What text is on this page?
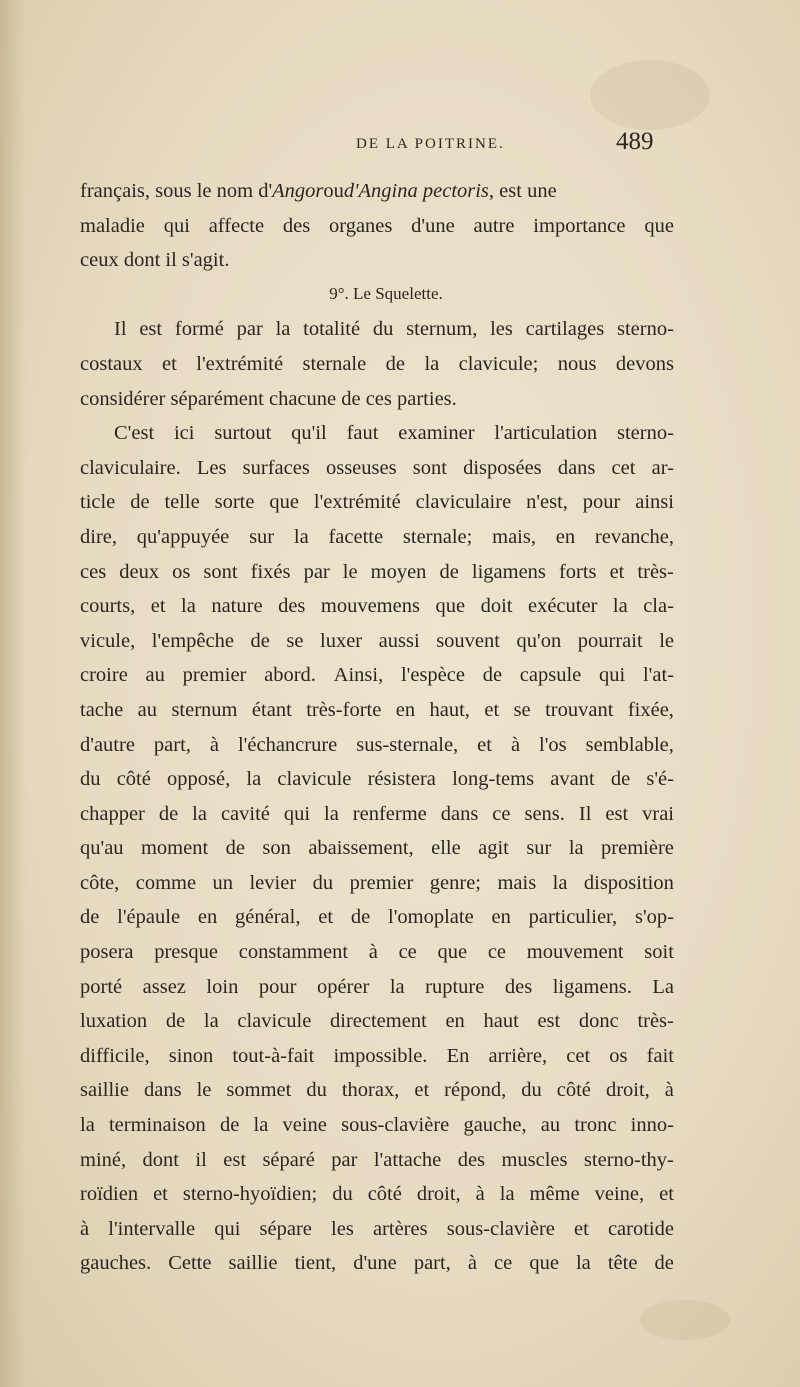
DE LA POITRINE.	489
français, sous le nom d'Angoroud'Angina pectoris, est une
maladie qui affecte des organes d'une autre importance que
ceux dont il s'agit.
9°. Le Squelette.
Il est formé par la totalité du sternum, les cartilages sterno-
costaux et l'extrémité sternale de la clavicule; nous devons
considérer séparément chacune de ces parties.
C'est ici surtout qu'il faut examiner l'articulation sterno-
claviculaire. Les surfaces osseuses sont disposées dans cet ar-
ticle de telle sorte que l'extrémité claviculaire n'est, pour ainsi
dire, qu'appuyée sur la facette sternale; mais, en revanche,
ces deux os sont fixés par le moyen de ligamens forts et très-
courts, et la nature des mouvemens que doit exécuter la cla-
vicule, l'empêche de se luxer aussi souvent qu'on pourrait le
croire au premier abord. Ainsi, l'espèce de capsule qui l'at-
tache au sternum étant très-forte en haut, et se trouvant fixée,
d'autre part, à l'échancrure sus-sternale, et à l'os semblable,
du côté opposé, la clavicule résistera long-tems avant de s'é-
chapper de la cavité qui la renferme dans ce sens. Il est vrai
qu'au moment de son abaissement, elle agit sur la première
côte, comme un levier du premier genre; mais la disposition
de l'épaule en général, et de l'omoplate en particulier, s'op-
posera presque constamment à ce que ce mouvement soit
porté assez loin pour opérer la rupture des ligamens. La
luxation de la clavicule directement en haut est donc très-
difficile, sinon tout-à-fait impossible. En arrière, cet os fait
saillie dans le sommet du thorax, et répond, du côté droit, à
la terminaison de la veine sous-clavière gauche, au tronc inno-
miné, dont il est séparé par l'attache des muscles sterno-thy-
roïdien et sterno-hyoïdien; du côté droit, à la même veine, et
à l'intervalle qui sépare les artères sous-clavière et carotide
gauches. Cette saillie tient, d'une part, à ce que la tête de
